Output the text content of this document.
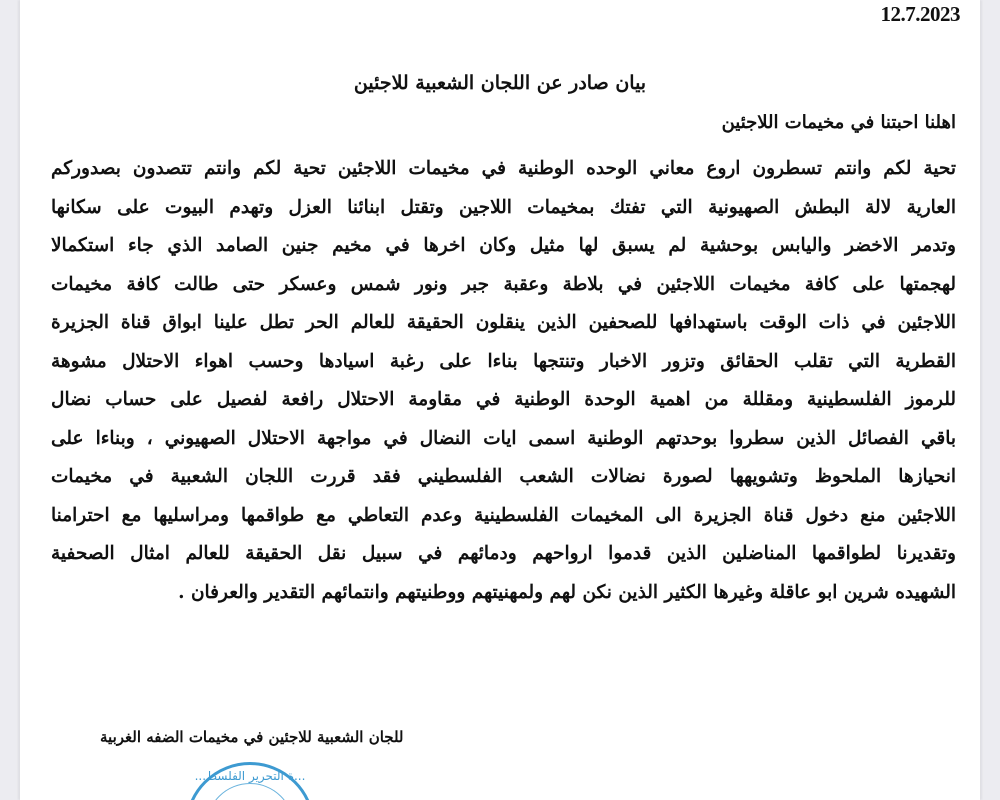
12.7.2023
بيان صادر عن اللجان الشعبية للاجئين
اهلنا احبتنا في مخيمات اللاجئين
تحية لكم وانتم تسطرون اروع معاني الوحده الوطنية في مخيمات اللاجئين تحية لكم وانتم تتصدون بصدوركم
العارية لالة البطش الصهيونية التي تفتك بمخيمات اللاجين وتقتل ابنائنا العزل وتهدم البيوت على سكانها
وتدمر الاخضر واليابس بوحشية لم يسبق لها مثيل وكان اخرها في مخيم جنين الصامد الذي جاء استكمالا
لهجمتها على كافة مخيمات اللاجئين في بلاطة وعقبة جبر ونور شمس وعسكر حتى طالت كافة مخيمات
اللاجئين في ذات الوقت باستهدافها للصحفين الذين ينقلون الحقيقة للعالم الحر تطل علينا ابواق قناة الجزيرة
القطرية التي تقلب الحقائق وتزور الاخبار وتنتجها بناءا على رغبة اسيادها وحسب اهواء الاحتلال مشوهة
للرموز الفلسطينية ومقللة من اهمية الوحدة الوطنية في مقاومة الاحتلال رافعة لفصيل على حساب نضال
باقي الفصائل الذين سطروا بوحدتهم الوطنية اسمى ايات النضال في مواجهة الاحتلال الصهيوني ، وبناءا على
انحيازها الملحوظ وتشويهها لصورة نضالات الشعب الفلسطيني فقد قررت اللجان الشعبية في مخيمات
اللاجئين منع دخول قناة الجزيرة الى المخيمات الفلسطينية وعدم التعاطي مع طواقمها ومراسليها مع احترامنا
وتقديرنا لطواقمها المناضلين الذين قدموا ارواحهم ودمائهم في سبيل نقل الحقيقة للعالم امثال الصحفية
الشهيده شرين ابو عاقلة وغيرها الكثير الذين نكن لهم ولمهنيتهم ووطنيتهم وانتمائهم التقدير والعرفان .
للجان الشعبية للاجئين في مخيمات الضفه الغربية
...ة التحرير الفلسط...
